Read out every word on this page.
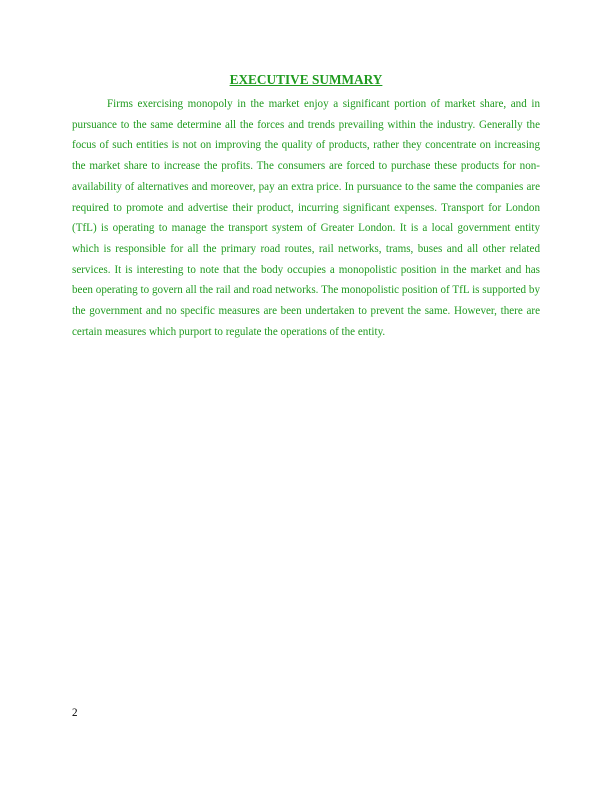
EXECUTIVE SUMMARY

Firms exercising monopoly in the market enjoy a significant portion of market share, and in pursuance to the same determine all the forces and trends prevailing within the industry. Generally the focus of such entities is not on improving the quality of products, rather they concentrate on increasing the market share to increase the profits. The consumers are forced to purchase these products for non-availability of alternatives and moreover, pay an extra price. In pursuance to the same the companies are required to promote and advertise their product, incurring significant expenses. Transport for London (TfL) is operating to manage the transport system of Greater London. It is a local government entity which is responsible for all the primary road routes, rail networks, trams, buses and all other related services. It is interesting to note that the body occupies a monopolistic position in the market and has been operating to govern all the rail and road networks. The monopolistic position of TfL is supported by the government and no specific measures are been undertaken to prevent the same. However, there are certain measures which purport to regulate the operations of the entity.

2
